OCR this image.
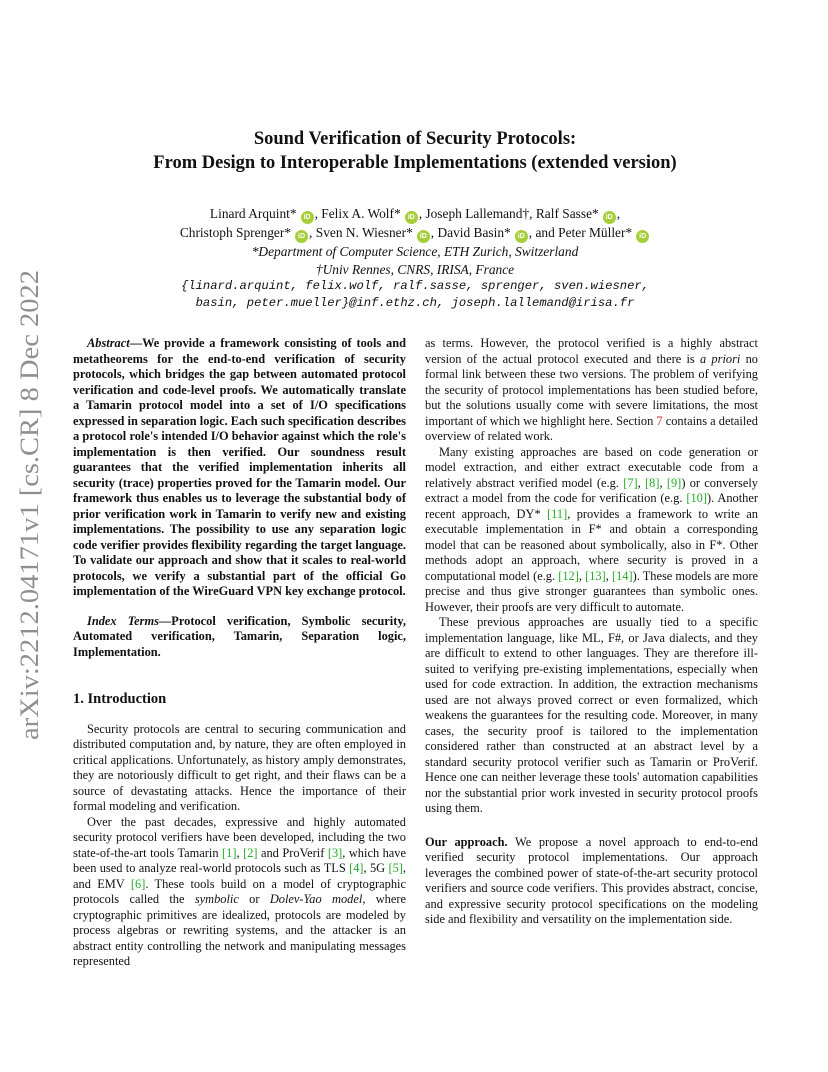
arXiv:2212.04171v1 [cs.CR] 8 Dec 2022
Sound Verification of Security Protocols:
From Design to Interoperable Implementations (extended version)
Linard Arquint* iD , Felix A. Wolf* iD , Joseph Lallemand†, Ralf Sasse* iD ,
Christoph Sprenger* iD , Sven N. Wiesner* iD , David Basin* iD , and Peter Müller* iD
*Department of Computer Science, ETH Zurich, Switzerland
†Univ Rennes, CNRS, IRISA, France
{linard.arquint, felix.wolf, ralf.sasse, sprenger, sven.wiesner,
basin, peter.mueller}@inf.ethz.ch, joseph.lallemand@irisa.fr

Abstract—We provide a framework consisting of tools and metatheorems for the end-to-end verification of security protocols, which bridges the gap between automated protocol verification and code-level proofs. We automatically translate a Tamarin protocol model into a set of I/O specifications expressed in separation logic. Each such specification describes a protocol role's intended I/O behavior against which the role's implementation is then verified. Our soundness result guarantees that the verified implementation inherits all security (trace) properties proved for the Tamarin model. Our framework thus enables us to leverage the substantial body of prior verification work in Tamarin to verify new and existing implementations. The possibility to use any separation logic code verifier provides flexibility regarding the target language. To validate our approach and show that it scales to real-world protocols, we verify a substantial part of the official Go implementation of the WireGuard VPN key exchange protocol.

Index Terms—Protocol verification, Symbolic security, Automated verification, Tamarin, Separation logic, Implementation.

1. Introduction

Security protocols are central to securing communication and distributed computation and, by nature, they are often employed in critical applications. Unfortunately, as history amply demonstrates, they are notoriously difficult to get right, and their flaws can be a source of devastating attacks. Hence the importance of their formal modeling and verification.

Over the past decades, expressive and highly automated security protocol verifiers have been developed, including the two state-of-the-art tools Tamarin [1], [2] and ProVerif [3], which have been used to analyze real-world protocols such as TLS [4], 5G [5], and EMV [6]. These tools build on a model of cryptographic protocols called the symbolic or Dolev-Yao model, where cryptographic primitives are idealized, protocols are modeled by process algebras or rewriting systems, and the attacker is an abstract entity controlling the network and manipulating messages represented

as terms. However, the protocol verified is a highly abstract version of the actual protocol executed and there is a priori no formal link between these two versions. The problem of verifying the security of protocol implementations has been studied before, but the solutions usually come with severe limitations, the most important of which we highlight here. Section 7 contains a detailed overview of related work.

Many existing approaches are based on code generation or model extraction, and either extract executable code from a relatively abstract verified model (e.g. [7], [8], [9]) or conversely extract a model from the code for verification (e.g. [10]). Another recent approach, DY* [11], provides a framework to write an executable implementation in F* and obtain a corresponding model that can be reasoned about symbolically, also in F*. Other methods adopt an approach, where security is proved in a computational model (e.g. [12], [13], [14]). These models are more precise and thus give stronger guarantees than symbolic ones. However, their proofs are very difficult to automate.

These previous approaches are usually tied to a specific implementation language, like ML, F#, or Java dialects, and they are difficult to extend to other languages. They are therefore ill-suited to verifying pre-existing implementations, especially when used for code extraction. In addition, the extraction mechanisms used are not always proved correct or even formalized, which weakens the guarantees for the resulting code. Moreover, in many cases, the security proof is tailored to the implementation considered rather than constructed at an abstract level by a standard security protocol verifier such as Tamarin or ProVerif. Hence one can neither leverage these tools' automation capabilities nor the substantial prior work invested in security protocol proofs using them.

Our approach. We propose a novel approach to end-to-end verified security protocol implementations. Our approach leverages the combined power of state-of-the-art security protocol verifiers and source code verifiers. This provides abstract, concise, and expressive security protocol specifications on the modeling side and flexibility and versatility on the implementation side.
